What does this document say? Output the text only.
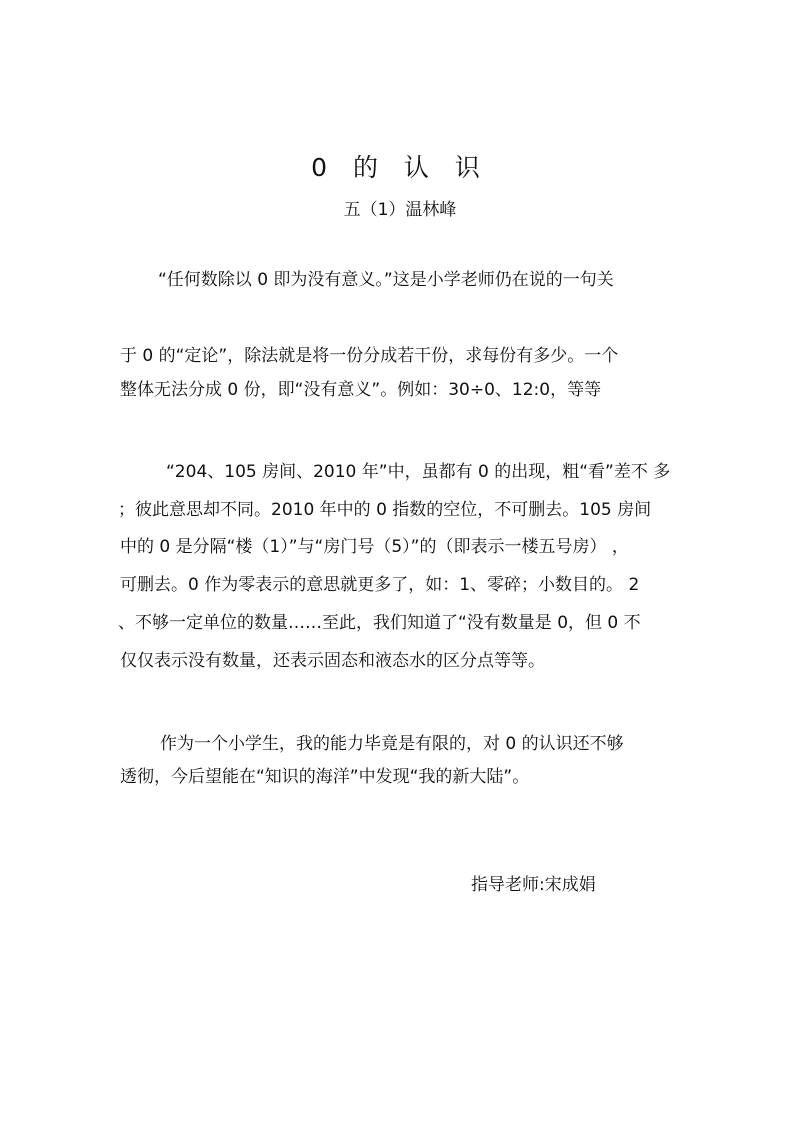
0 的 认 识
五（1）温林峰
“任何数除以 0 即为没有意义。”这是小学老师仍在说的一句关
于 0 的“定论”，除法就是将一份分成若干份，求每份有多少。一个
整体无法分成 0 份，即“没有意义”。例如：30÷0、12:0，等等
“204、105 房间、2010 年”中，虽都有 0 的出现，粗“看”差不 多
；彼此意思却不同。2010 年中的 0 指数的空位，不可删去。105 房间
中的 0 是分隔“楼（1）”与“房门号（5）”的（即表示一楼五号房） ，
可删去。0 作为零表示的意思就更多了，如：1、零碎；小数目的。 2
、不够一定单位的数量……至此，我们知道了“没有数量是 0，但 0 不
仅仅表示没有数量，还表示固态和液态水的区分点等等。
作为一个小学生，我的能力毕竟是有限的，对 0 的认识还不够
透彻，今后望能在“知识的海洋”中发现“我的新大陆”。
指导老师:宋成娟
